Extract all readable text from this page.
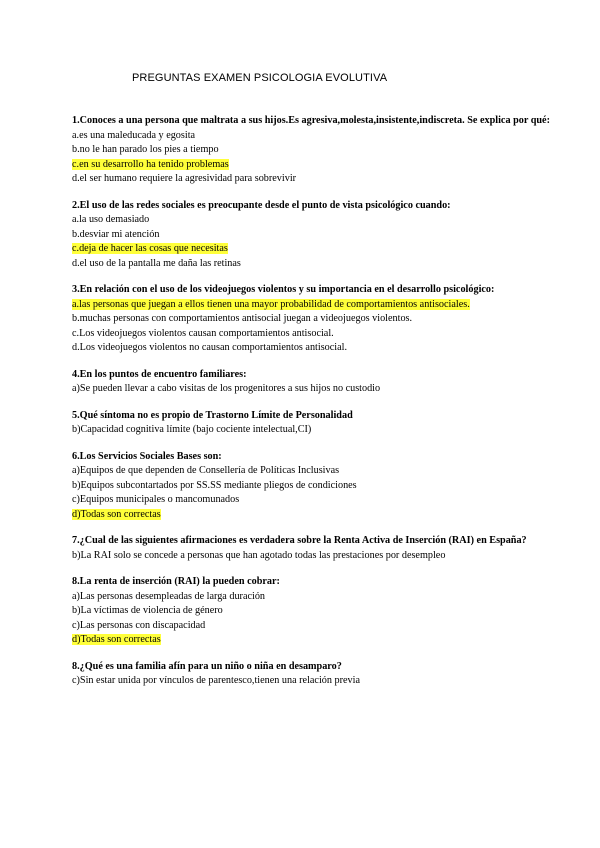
PREGUNTAS EXAMEN PSICOLOGIA EVOLUTIVA

1.Conoces a una persona que maltrata a sus hijos.Es agresiva,molesta,insistente,indiscreta. Se explica por qué:

a.es una maleducada y egosita

b.no le han parado los pies a tiempo

c.en su desarrollo ha tenido problemas

d.el ser humano requiere la agresividad para sobrevivir

2.El uso de las redes sociales es preocupante desde el punto de vista psicológico cuando:

a.la uso demasiado

b.desviar mi atención

c.deja de hacer las cosas que necesitas

d.el uso de la pantalla me daña las retinas

3.En relación con el uso de los videojuegos violentos y su importancia en el desarrollo psicológico:

a.las personas que juegan a ellos tienen una mayor probabilidad de comportamientos antisociales.

b.muchas personas con comportamientos antisocial juegan a videojuegos violentos.

c.Los videojuegos violentos causan comportamientos antisocial.

d.Los videojuegos violentos no causan comportamientos antisocial.

4.En los puntos de encuentro familiares:

a)Se pueden llevar a cabo visitas de los progenitores a sus hijos no custodio

5.Qué síntoma no es propio de Trastorno Límite de Personalidad

b)Capacidad cognitiva límite (bajo cociente intelectual,CI)

6.Los Servicios Sociales Bases son:

a)Equipos de que dependen de Consellería de Políticas Inclusivas

b)Equipos subcontartados por SS.SS mediante pliegos de condiciones

c)Equipos municipales o mancomunados

d)Todas son correctas

7.¿Cual de las siguientes afirmaciones es verdadera sobre la Renta Activa de Inserción (RAI) en España?

b)La RAI solo se concede a personas que han agotado todas las prestaciones por desempleo

8.La renta de inserción (RAI) la pueden cobrar:

a)Las personas desempleadas de larga duración

b)La víctimas de violencia de género

c)Las personas con discapacidad

d)Todas son correctas

8.¿Qué es una familia afín para un niño o niña en desamparo?

c)Sin estar unida por vínculos de parentesco,tienen una relación previa
